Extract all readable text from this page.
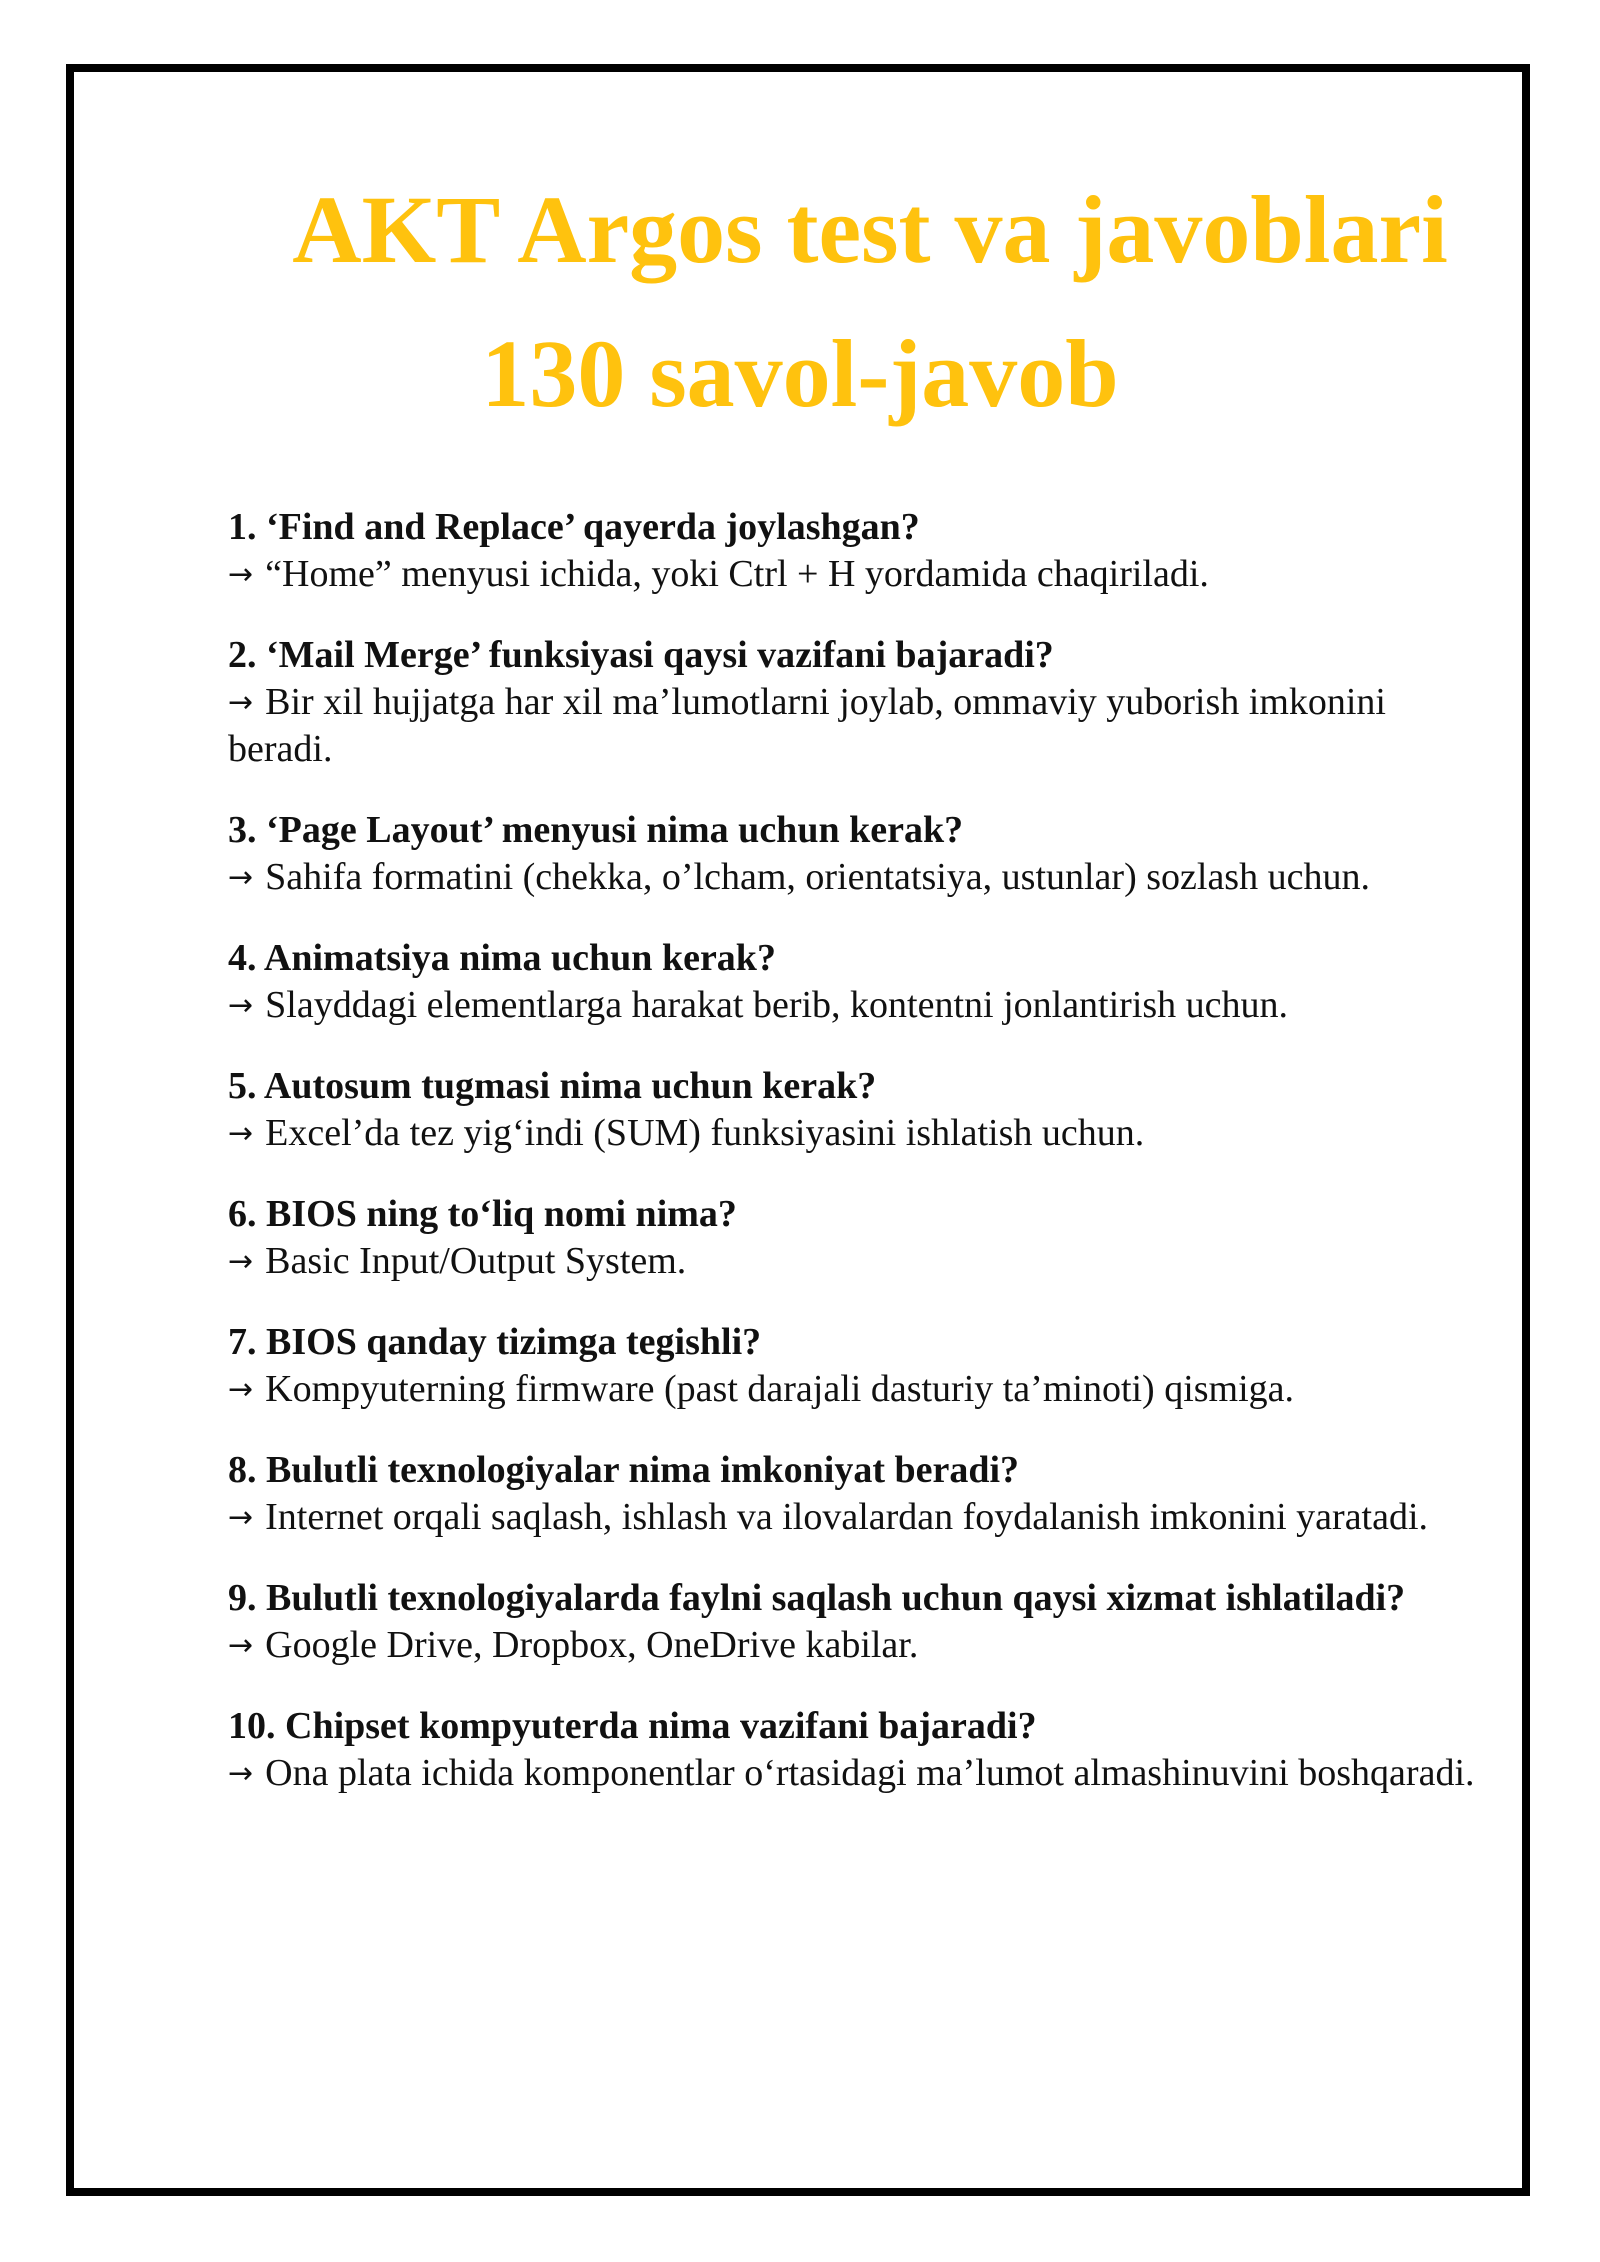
AKT Argos test va javoblari
130 savol-javob

1. ‘Find and Replace’ qayerda joylashgan?

→ “Home” menyusi ichida, yoki Ctrl + H yordamida chaqiriladi.

2. ‘Mail Merge’ funksiyasi qaysi vazifani bajaradi?

→ Bir xil hujjatga har xil ma’lumotlarni joylab, ommaviy yuborish imkonini beradi.

3. ‘Page Layout’ menyusi nima uchun kerak?

→ Sahifa formatini (chekka, o’lcham, orientatsiya, ustunlar) sozlash uchun.

4. Animatsiya nima uchun kerak?

→ Slayddagi elementlarga harakat berib, kontentni jonlantirish uchun.

5. Autosum tugmasi nima uchun kerak?

→ Excel’da tez yig‘indi (SUM) funksiyasini ishlatish uchun.

6. BIOS ning to‘liq nomi nima?

→ Basic Input/Output System.

7. BIOS qanday tizimga tegishli?

→ Kompyuterning firmware (past darajali dasturiy ta’minoti) qismiga.

8. Bulutli texnologiyalar nima imkoniyat beradi?

→ Internet orqali saqlash, ishlash va ilovalardan foydalanish imkonini yaratadi.

9. Bulutli texnologiyalarda faylni saqlash uchun qaysi xizmat ishlatiladi?

→ Google Drive, Dropbox, OneDrive kabilar.

10. Chipset kompyuterda nima vazifani bajaradi?

→ Ona plata ichida komponentlar o‘rtasidagi ma’lumot almashinuvini boshqaradi.
